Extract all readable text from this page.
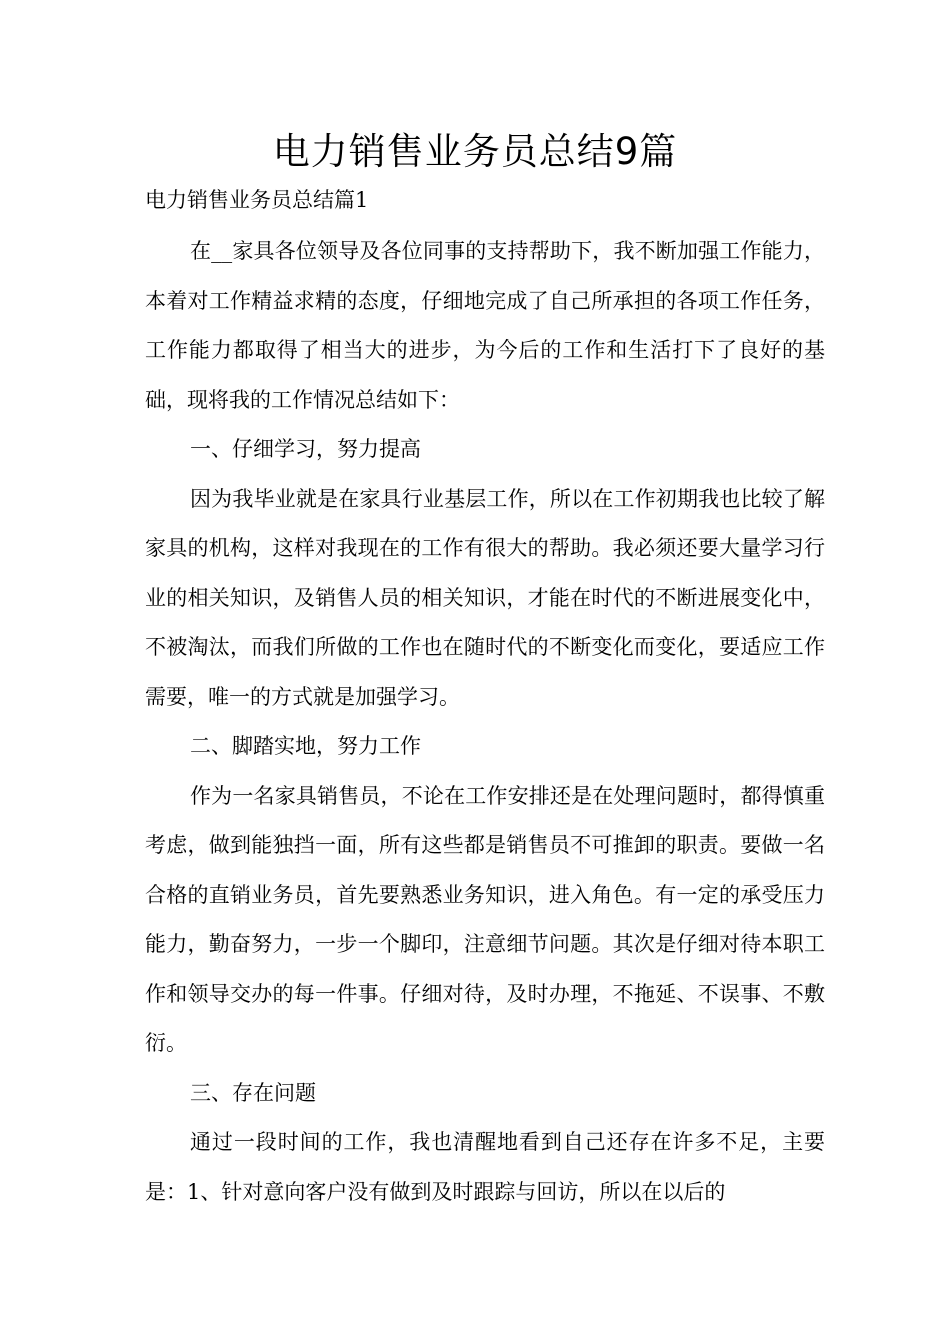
电力销售业务员总结9篇
电力销售业务员总结篇1

在__家具各位领导及各位同事的支持帮助下，我不断加强工作能力，本着对工作精益求精的态度，仔细地完成了自己所承担的各项工作任务，工作能力都取得了相当大的进步，为今后的工作和生活打下了良好的基础，现将我的工作情况总结如下：

一、仔细学习，努力提高

因为我毕业就是在家具行业基层工作，所以在工作初期我也比较了解家具的机构，这样对我现在的工作有很大的帮助。我必须还要大量学习行业的相关知识，及销售人员的相关知识，才能在时代的不断进展变化中，不被淘汰，而我们所做的工作也在随时代的不断变化而变化，要适应工作需要，唯一的方式就是加强学习。

二、脚踏实地，努力工作

作为一名家具销售员，不论在工作安排还是在处理问题时，都得慎重考虑，做到能独挡一面，所有这些都是销售员不可推卸的职责。要做一名合格的直销业务员，首先要熟悉业务知识，进入角色。有一定的承受压力能力，勤奋努力，一步一个脚印，注意细节问题。其次是仔细对待本职工作和领导交办的每一件事。仔细对待，及时办理，不拖延、不误事、不敷衍。

三、存在问题

通过一段时间的工作，我也清醒地看到自己还存在许多不足，主要是：1、针对意向客户没有做到及时跟踪与回访，所以在以后的
